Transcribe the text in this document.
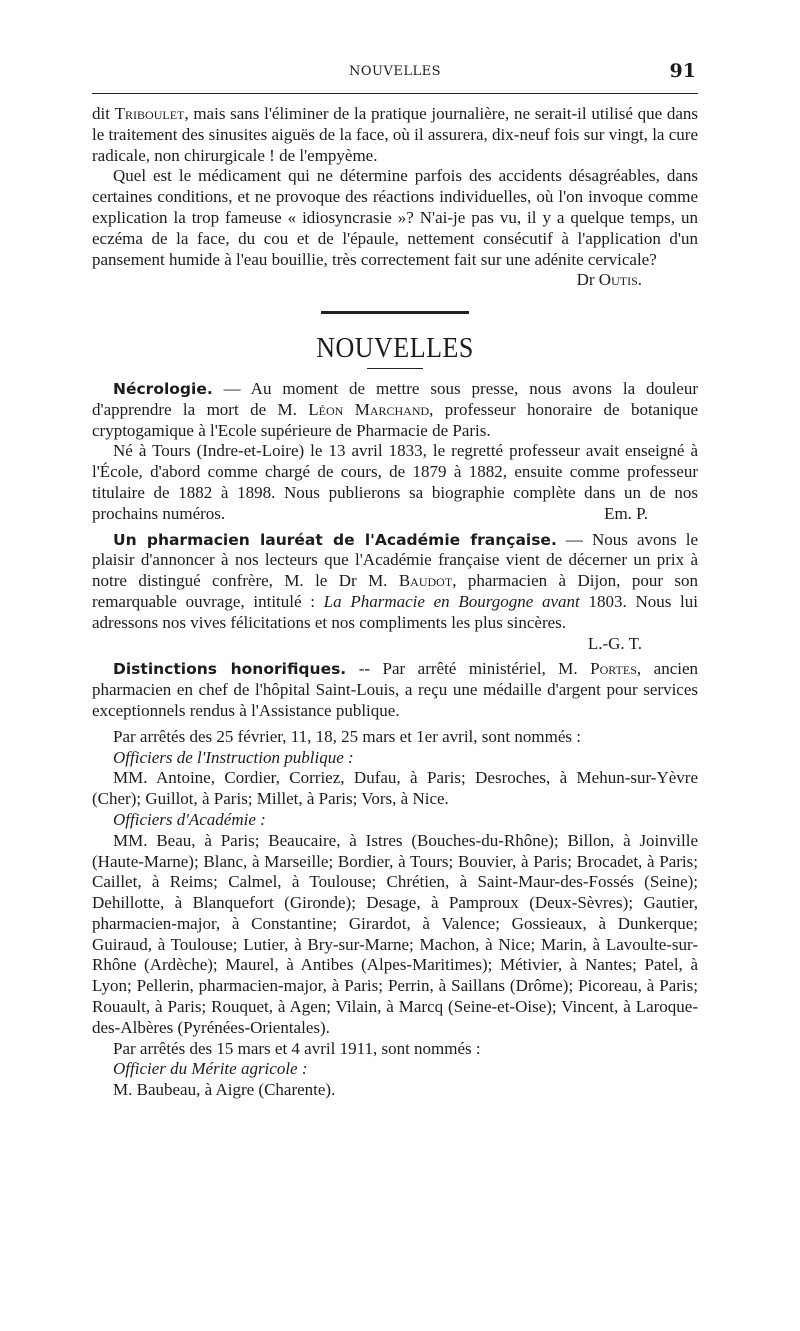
NOUVELLES	91

dit Triboulet, mais sans l'éliminer de la pratique journalière, ne serait-il utilisé que dans le traitement des sinusites aiguës de la face, où il assurera, dix-neuf fois sur vingt, la cure radicale, non chirurgicale ! de l'empyème.

Quel est le médicament qui ne détermine parfois des accidents désagréables, dans certaines conditions, et ne provoque des réactions individuelles, où l'on invoque comme explication la trop fameuse « idiosyncrasie »? N'ai-je pas vu, il y a quelque temps, un eczéma de la face, du cou et de l'épaule, nettement consécutif à l'application d'un pansement humide à l'eau bouillie, très correctement fait sur une adénite cervicale?

Dr Outis.
NOUVELLES

Nécrologie. — Au moment de mettre sous presse, nous avons la douleur d'apprendre la mort de M. Léon Marchand, professeur honoraire de botanique cryptogamique à l'Ecole supérieure de Pharmacie de Paris.

Né à Tours (Indre-et-Loire) le 13 avril 1833, le regretté professeur avait enseigné à l'École, d'abord comme chargé de cours, de 1879 à 1882, ensuite comme professeur titulaire de 1882 à 1898. Nous publierons sa biographie complète dans un de nos prochains numéros.	Em. P.

Un pharmacien lauréat de l'Académie française. — Nous avons le plaisir d'annoncer à nos lecteurs que l'Académie française vient de décerner un prix à notre distingué confrère, M. le Dr M. Baudot, pharmacien à Dijon, pour son remarquable ouvrage, intitulé : La Pharmacie en Bourgogne avant 1803. Nous lui adressons nos vives félicitations et nos compliments les plus sincères.

L.-G. T.

Distinctions honorifiques. -- Par arrêté ministériel, M. Portes, ancien pharmacien en chef de l'hôpital Saint-Louis, a reçu une médaille d'argent pour services exceptionnels rendus à l'Assistance publique.

Par arrêtés des 25 février, 11, 18, 25 mars et 1er avril, sont nommés :

Officiers de l'Instruction publique :

MM. Antoine, Cordier, Corriez, Dufau, à Paris; Desroches, à Mehun-sur-Yèvre (Cher); Guillot, à Paris; Millet, à Paris; Vors, à Nice.

Officiers d'Académie :

MM. Beau, à Paris; Beaucaire, à Istres (Bouches-du-Rhône); Billon, à Joinville (Haute-Marne); Blanc, à Marseille; Bordier, à Tours; Bouvier, à Paris; Brocadet, à Paris; Caillet, à Reims; Calmel, à Toulouse; Chrétien, à Saint-Maur-des-Fossés (Seine); Dehillotte, à Blanquefort (Gironde); Desage, à Pamproux (Deux-Sèvres); Gautier, pharmacien-major, à Constantine; Girardot, à Valence; Gossieaux, à Dunkerque; Guiraud, à Toulouse; Lutier, à Bry-sur-Marne; Machon, à Nice; Marin, à Lavoulte-sur-Rhône (Ardèche); Maurel, à Antibes (Alpes-Maritimes); Métivier, à Nantes; Patel, à Lyon; Pellerin, pharmacien-major, à Paris; Perrin, à Saillans (Drôme); Picoreau, à Paris; Rouault, à Paris; Rouquet, à Agen; Vilain, à Marcq (Seine-et-Oise); Vincent, à Laroque-des-Albères (Pyrénées-Orientales).

Par arrêtés des 15 mars et 4 avril 1911, sont nommés :

Officier du Mérite agricole :

M. Baubeau, à Aigre (Charente).
